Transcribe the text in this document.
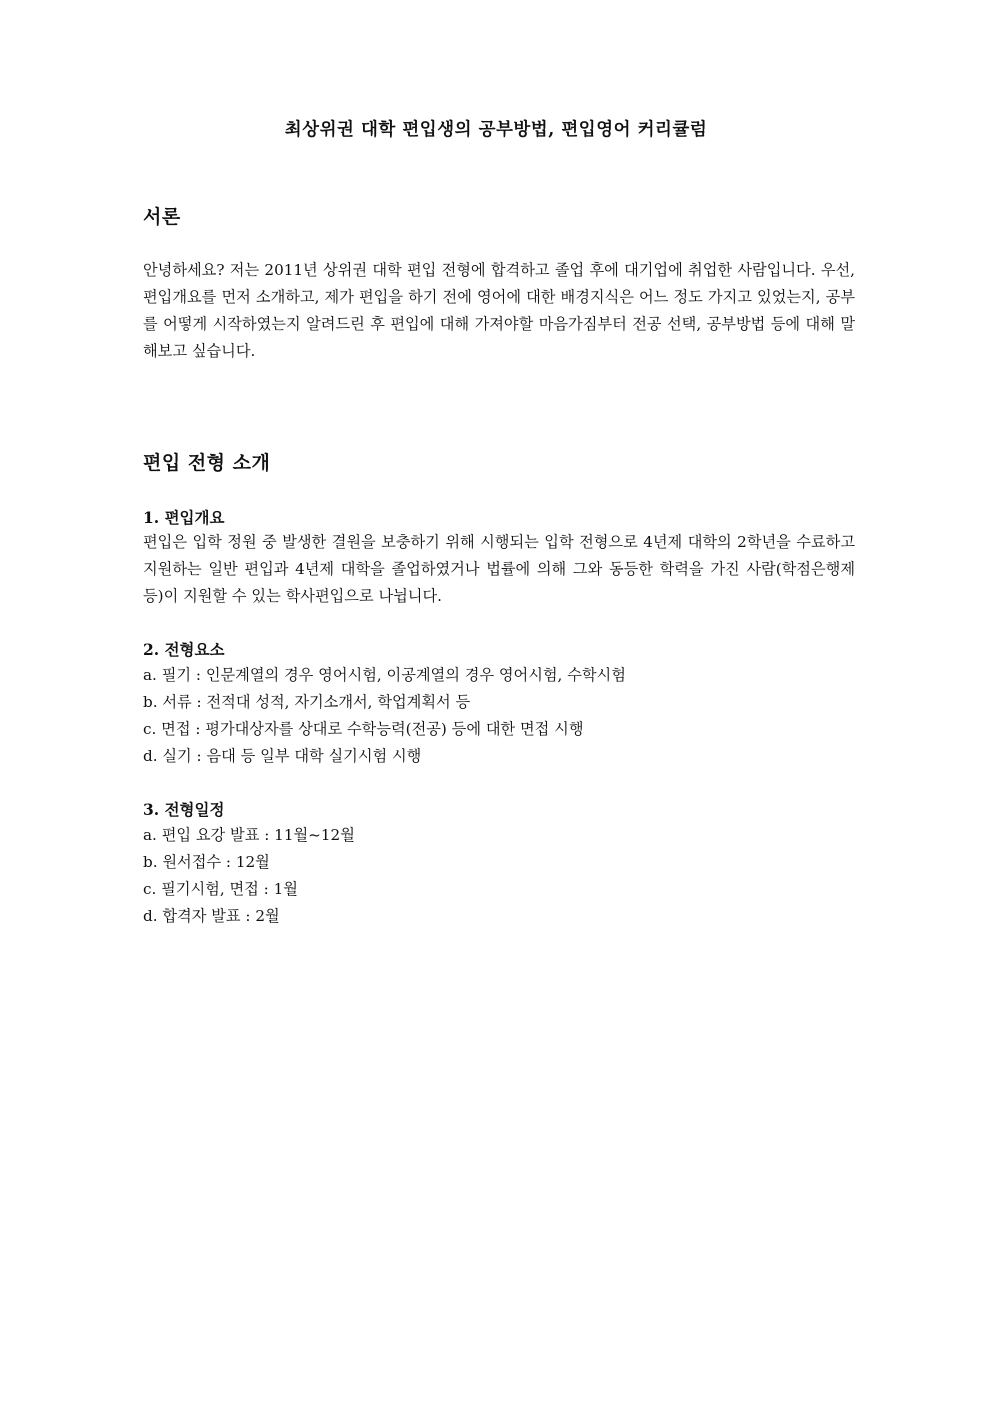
최상위권 대학 편입생의 공부방법, 편입영어 커리큘럼
서론

안녕하세요? 저는 2011년 상위권 대학 편입 전형에 합격하고 졸업 후에 대기업에 취업한 사람입니다. 우선, 편입개요를 먼저 소개하고, 제가 편입을 하기 전에 영어에 대한 배경지식은 어느 정도 가지고 있었는지, 공부를 어떻게 시작하였는지 알려드린 후 편입에 대해 가져야할 마음가짐부터 전공 선택, 공부방법 등에 대해 말해보고 싶습니다.

편입 전형 소개
1. 편입개요

편입은 입학 정원 중 발생한 결원을 보충하기 위해 시행되는 입학 전형으로 4년제 대학의 2학년을 수료하고 지원하는 일반 편입과 4년제 대학을 졸업하였거나 법률에 의해 그와 동등한 학력을 가진 사람(학점은행제 등)이 지원할 수 있는 학사편입으로 나뉩니다.

2. 전형요소
a. 필기 : 인문계열의 경우 영어시험, 이공계열의 경우 영어시험, 수학시험
b. 서류 : 전적대 성적, 자기소개서, 학업계획서 등
c. 면접 : 평가대상자를 상대로 수학능력(전공) 등에 대한 면접 시행
d. 실기 : 음대 등 일부 대학 실기시험 시행
3. 전형일정
a. 편입 요강 발표 : 11월~12월
b. 원서접수 : 12월
c. 필기시험, 면접 : 1월
d. 합격자 발표 : 2월
